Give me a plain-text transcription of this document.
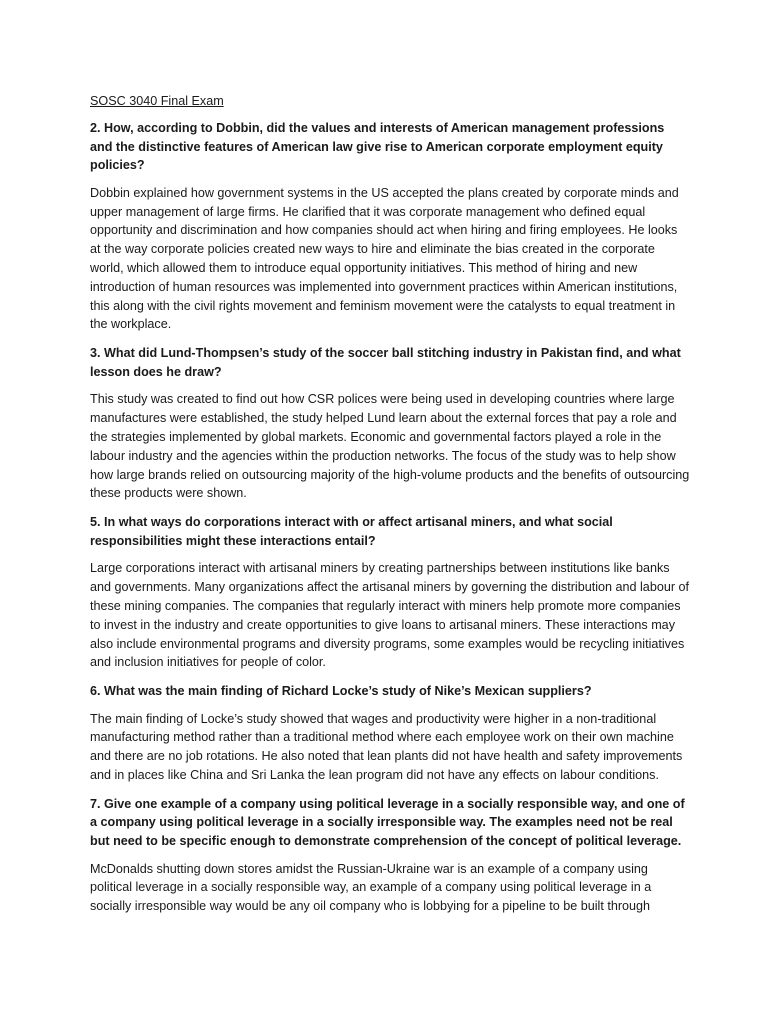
SOSC 3040 Final Exam

2. How, according to Dobbin, did the values and interests of American management professions and the distinctive features of American law give rise to American corporate employment equity policies?

Dobbin explained how government systems in the US accepted the plans created by corporate minds and upper management of large firms. He clarified that it was corporate management who defined equal opportunity and discrimination and how companies should act when hiring and firing employees. He looks at the way corporate policies created new ways to hire and eliminate the bias created in the corporate world, which allowed them to introduce equal opportunity initiatives. This method of hiring and new introduction of human resources was implemented into government practices within American institutions, this along with the civil rights movement and feminism movement were the catalysts to equal treatment in the workplace.

3. What did Lund-Thompsen’s study of the soccer ball stitching industry in Pakistan find, and what lesson does he draw?

This study was created to find out how CSR polices were being used in developing countries where large manufactures were established, the study helped Lund learn about the external forces that pay a role and the strategies implemented by global markets. Economic and governmental factors played a role in the labour industry and the agencies within the production networks. The focus of the study was to help show how large brands relied on outsourcing majority of the high-volume products and the benefits of outsourcing these products were shown.

5. In what ways do corporations interact with or affect artisanal miners, and what social responsibilities might these interactions entail?

Large corporations interact with artisanal miners by creating partnerships between institutions like banks and governments. Many organizations affect the artisanal miners by governing the distribution and labour of these mining companies. The companies that regularly interact with miners help promote more companies to invest in the industry and create opportunities to give loans to artisanal miners. These interactions may also include environmental programs and diversity programs, some examples would be recycling initiatives and inclusion initiatives for people of color.

6. What was the main finding of Richard Locke’s study of Nike’s Mexican suppliers?

The main finding of Locke’s study showed that wages and productivity were higher in a non-traditional manufacturing method rather than a traditional method where each employee work on their own machine and there are no job rotations. He also noted that lean plants did not have health and safety improvements and in places like China and Sri Lanka the lean program did not have any effects on labour conditions.

7. Give one example of a company using political leverage in a socially responsible way, and one of a company using political leverage in a socially irresponsible way. The examples need not be real but need to be specific enough to demonstrate comprehension of the concept of political leverage.

McDonalds shutting down stores amidst the Russian-Ukraine war is an example of a company using political leverage in a socially responsible way, an example of a company using political leverage in a socially irresponsible way would be any oil company who is lobbying for a pipeline to be built through
